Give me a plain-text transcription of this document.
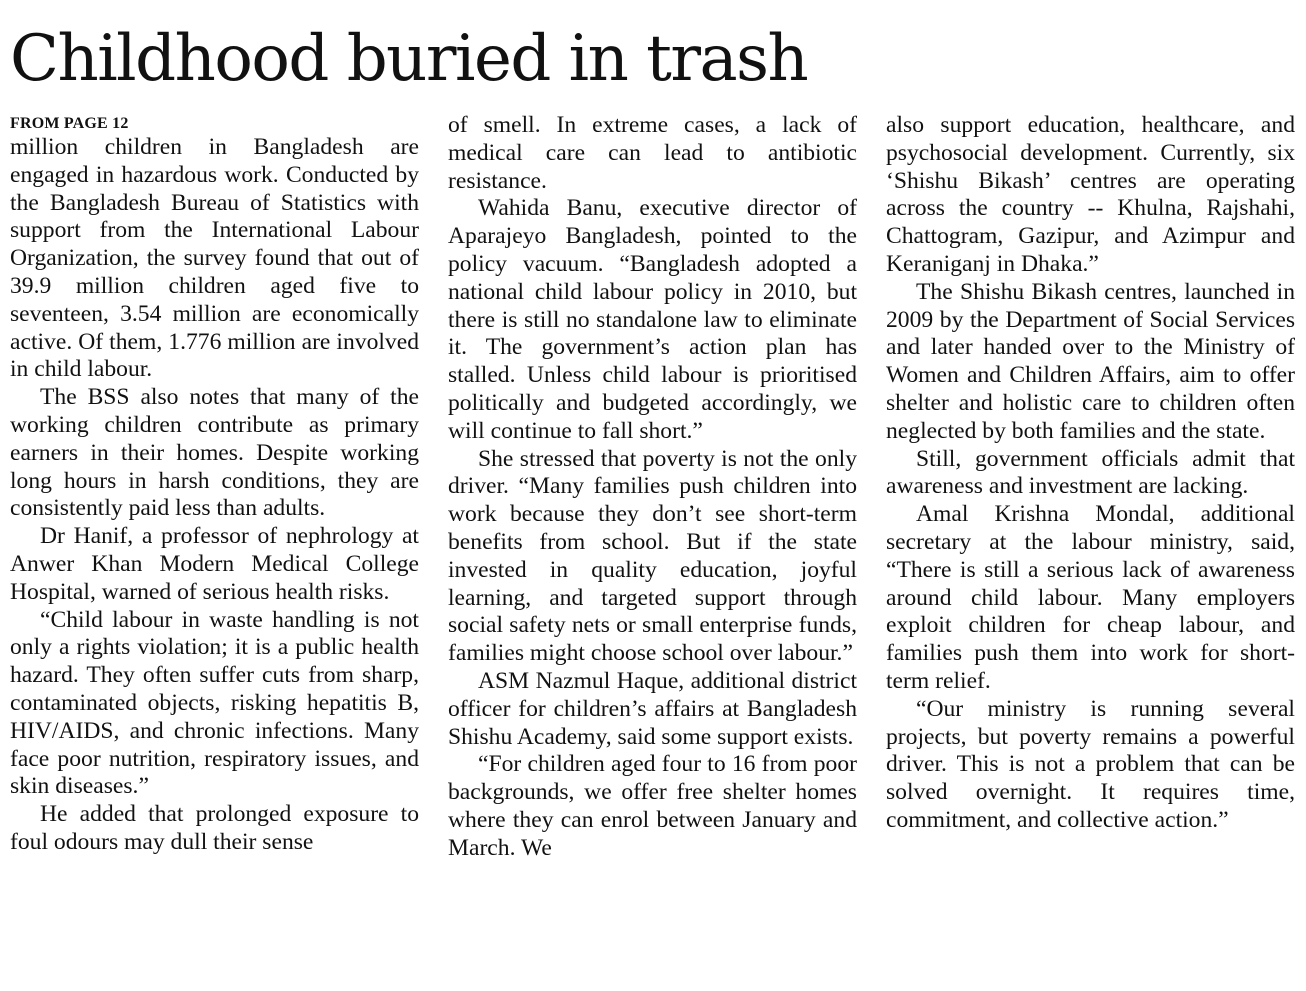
Childhood buried in trash
FROM PAGE 12

million children in Bangladesh are engaged in hazardous work. Conducted by the Bangladesh Bureau of Statistics with support from the International Labour Organization, the survey found that out of 39.9 million children aged five to seventeen, 3.54 million are economically active. Of them, 1.776 million are involved in child labour.

The BSS also notes that many of the working children contribute as primary earners in their homes. Despite working long hours in harsh conditions, they are consistently paid less than adults.

Dr Hanif, a professor of nephrology at Anwer Khan Modern Medical College Hospital, warned of serious health risks.

“Child labour in waste handling is not only a rights violation; it is a public health hazard. They often suffer cuts from sharp, contaminated objects, risking hepatitis B, HIV/AIDS, and chronic infections. Many face poor nutrition, respiratory issues, and skin diseases.”

He added that prolonged exposure to foul odours may dull their sense

of smell. In extreme cases, a lack of medical care can lead to antibiotic resistance.

Wahida Banu, executive director of Aparajeyo Bangladesh, pointed to the policy vacuum. “Bangladesh adopted a national child labour policy in 2010, but there is still no standalone law to eliminate it. The government’s action plan has stalled. Unless child labour is prioritised politically and budgeted accordingly, we will continue to fall short.”

She stressed that poverty is not the only driver. “Many families push children into work because they don’t see short-term benefits from school. But if the state invested in quality education, joyful learning, and targeted support through social safety nets or small enterprise funds, families might choose school over labour.”

ASM Nazmul Haque, additional district officer for children’s affairs at Bangladesh Shishu Academy, said some support exists.

“For children aged four to 16 from poor backgrounds, we offer free shelter homes where they can enrol between January and March. We

also support education, healthcare, and psychosocial development. Currently, six ‘Shishu Bikash’ centres are operating across the country -- Khulna, Rajshahi, Chattogram, Gazipur, and Azimpur and Keraniganj in Dhaka.”

The Shishu Bikash centres, launched in 2009 by the Department of Social Services and later handed over to the Ministry of Women and Children Affairs, aim to offer shelter and holistic care to children often neglected by both families and the state.

Still, government officials admit that awareness and investment are lacking.

Amal Krishna Mondal, additional secretary at the labour ministry, said, “There is still a serious lack of awareness around child labour. Many employers exploit children for cheap labour, and families push them into work for short-term relief.

“Our ministry is running several projects, but poverty remains a powerful driver. This is not a problem that can be solved overnight. It requires time, commitment, and collective action.”
